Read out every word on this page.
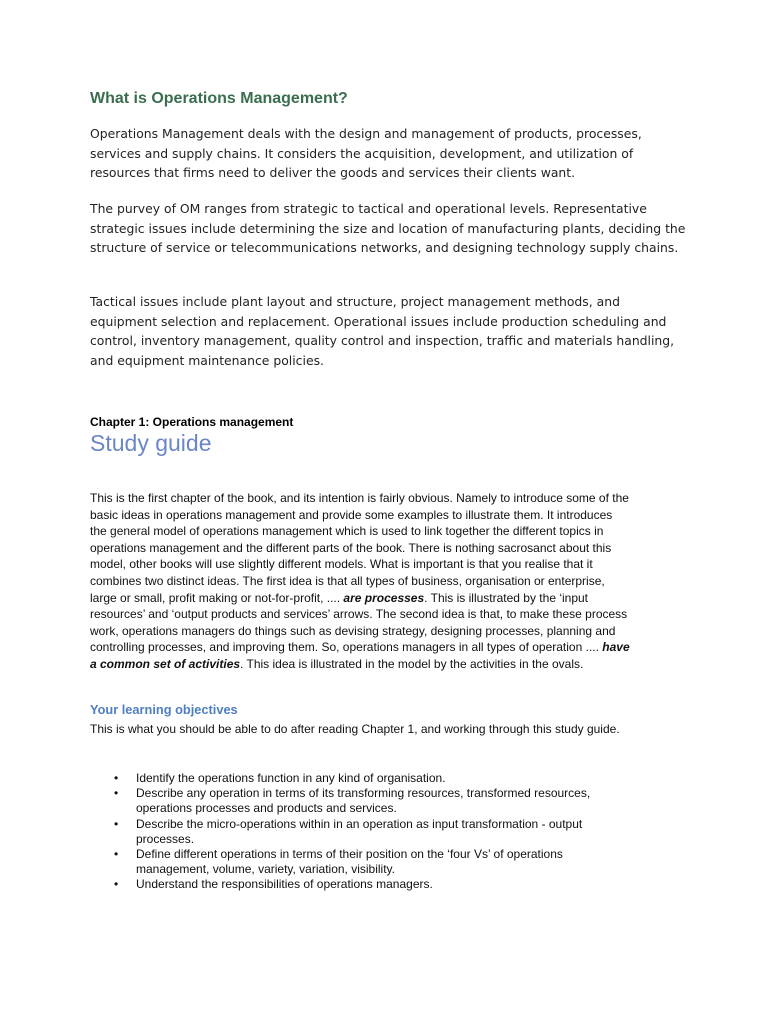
What is Operations Management?

Operations Management deals with the design and management of products, processes, services and supply chains. It considers the acquisition, development, and utilization of resources that firms need to deliver the goods and services their clients want.

The purvey of OM ranges from strategic to tactical and operational levels. Representative strategic issues include determining the size and location of manufacturing plants, deciding the structure of service or telecommunications networks, and designing technology supply chains.

Tactical issues include plant layout and structure, project management methods, and equipment selection and replacement. Operational issues include production scheduling and control, inventory management, quality control and inspection, traffic and materials handling, and equipment maintenance policies.

Chapter 1: Operations management
Study guide

This is the first chapter of the book, and its intention is fairly obvious. Namely to introduce some of the basic ideas in operations management and provide some examples to illustrate them. It introduces the general model of operations management which is used to link together the different topics in operations management and the different parts of the book. There is nothing sacrosanct about this model, other books will use slightly different models. What is important is that you realise that it combines two distinct ideas. The first idea is that all types of business, organisation or enterprise, large or small, profit making or not-for-profit, .... are processes. This is illustrated by the ‘input resources’ and ‘output products and services’ arrows. The second idea is that, to make these process work, operations managers do things such as devising strategy, designing processes, planning and controlling processes, and improving them. So, operations managers in all types of operation .... have a common set of activities. This idea is illustrated in the model by the activities in the ovals.

Your learning objectives

This is what you should be able to do after reading Chapter 1, and working through this study guide.

•	Identify the operations function in any kind of organisation.
•	Describe any operation in terms of its transforming resources, transformed resources, operations processes and products and services.
•	Describe the micro-operations within in an operation as input transformation - output processes.
•	Define different operations in terms of their position on the ‘four Vs’ of operations management, volume, variety, variation, visibility.
•	Understand the responsibilities of operations managers.
